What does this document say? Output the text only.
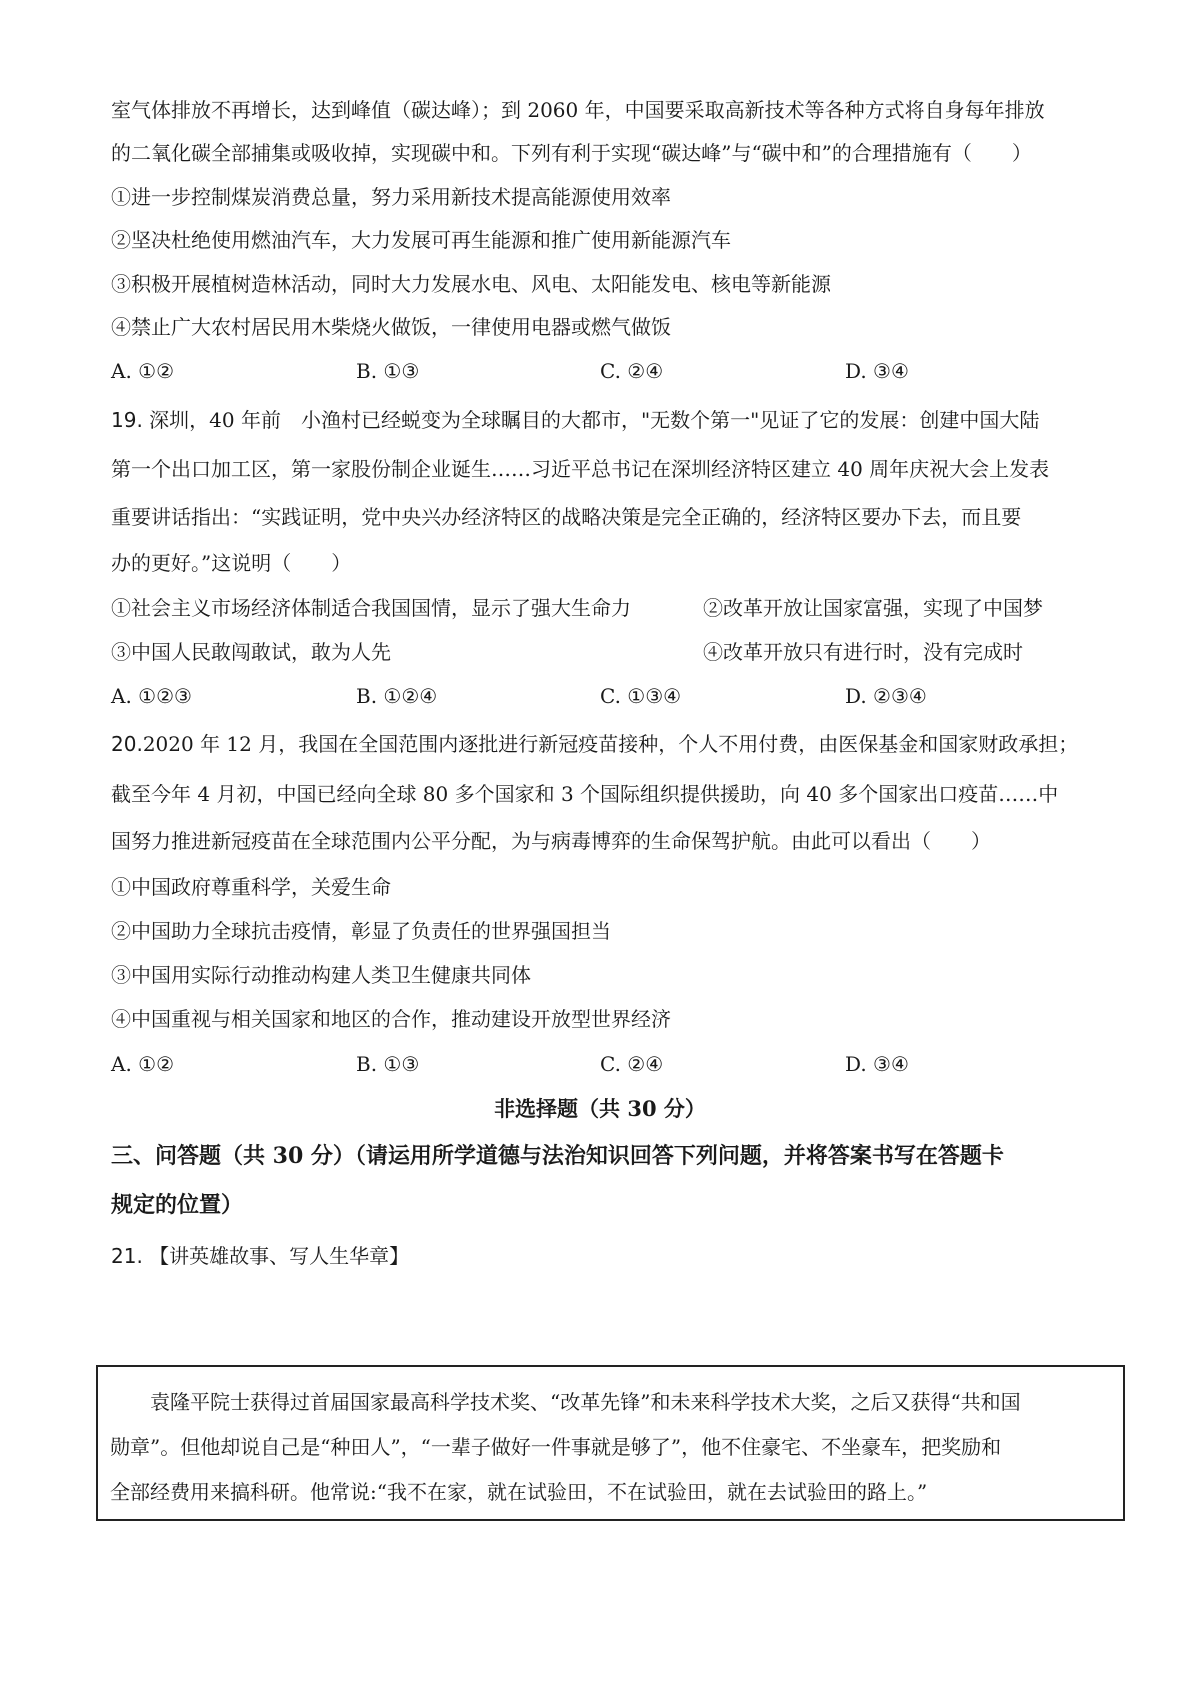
室气体排放不再增长，达到峰值（碳达峰）；到 2060 年，中国要采取高新技术等各种方式将自身每年排放
的二氧化碳全部捕集或吸收掉，实现碳中和。下列有利于实现“碳达峰”与“碳中和”的合理措施有（　　）
①进一步控制煤炭消费总量，努力采用新技术提高能源使用效率
②坚决杜绝使用燃油汽车，大力发展可再生能源和推广使用新能源汽车
③积极开展植树造林活动，同时大力发展水电、风电、太阳能发电、核电等新能源
④禁止广大农村居民用木柴烧火做饭，一律使用电器或燃气做饭
A. ①②	B. ①③	C. ②④	D. ③④
19. 深圳，40 年前　小渔村已经蜕变为全球瞩目的大都市，"无数个第一"见证了它的发展：创建中国大陆
第一个出口加工区，第一家股份制企业诞生……习近平总书记在深圳经济特区建立 40 周年庆祝大会上发表
重要讲话指出：“实践证明，党中央兴办经济特区的战略决策是完全正确的，经济特区要办下去，而且要
办的更好。”这说明（　　）
①社会主义市场经济体制适合我国国情，显示了强大生命力	②改革开放让国家富强，实现了中国梦
③中国人民敢闯敢试，敢为人先	④改革开放只有进行时，没有完成时
A. ①②③	B. ①②④	C. ①③④	D. ②③④
20.2020 年 12 月，我国在全国范围内逐批进行新冠疫苗接种，个人不用付费，由医保基金和国家财政承担；
截至今年 4 月初，中国已经向全球 80 多个国家和 3 个国际组织提供援助，向 40 多个国家出口疫苗……中
国努力推进新冠疫苗在全球范围内公平分配，为与病毒博弈的生命保驾护航。由此可以看出（　　）
①中国政府尊重科学，关爱生命
②中国助力全球抗击疫情，彰显了负责任的世界强国担当
③中国用实际行动推动构建人类卫生健康共同体
④中国重视与相关国家和地区的合作，推动建设开放型世界经济
A. ①②	B. ①③	C. ②④	D. ③④
非选择题（共 30 分）
三、问答题（共 30 分）（请运用所学道德与法治知识回答下列问题，并将答案书写在答题卡
规定的位置）
21. 【讲英雄故事、写人生华章】
袁隆平院士获得过首届国家最高科学技术奖、“改革先锋”和未来科学技术大奖，之后又获得“共和国
勋章”。但他却说自己是“种田人”，“一辈子做好一件事就是够了”，他不住豪宅、不坐豪车，把奖励和
全部经费用来搞科研。他常说:“我不在家，就在试验田，不在试验田，就在去试验田的路上。”
